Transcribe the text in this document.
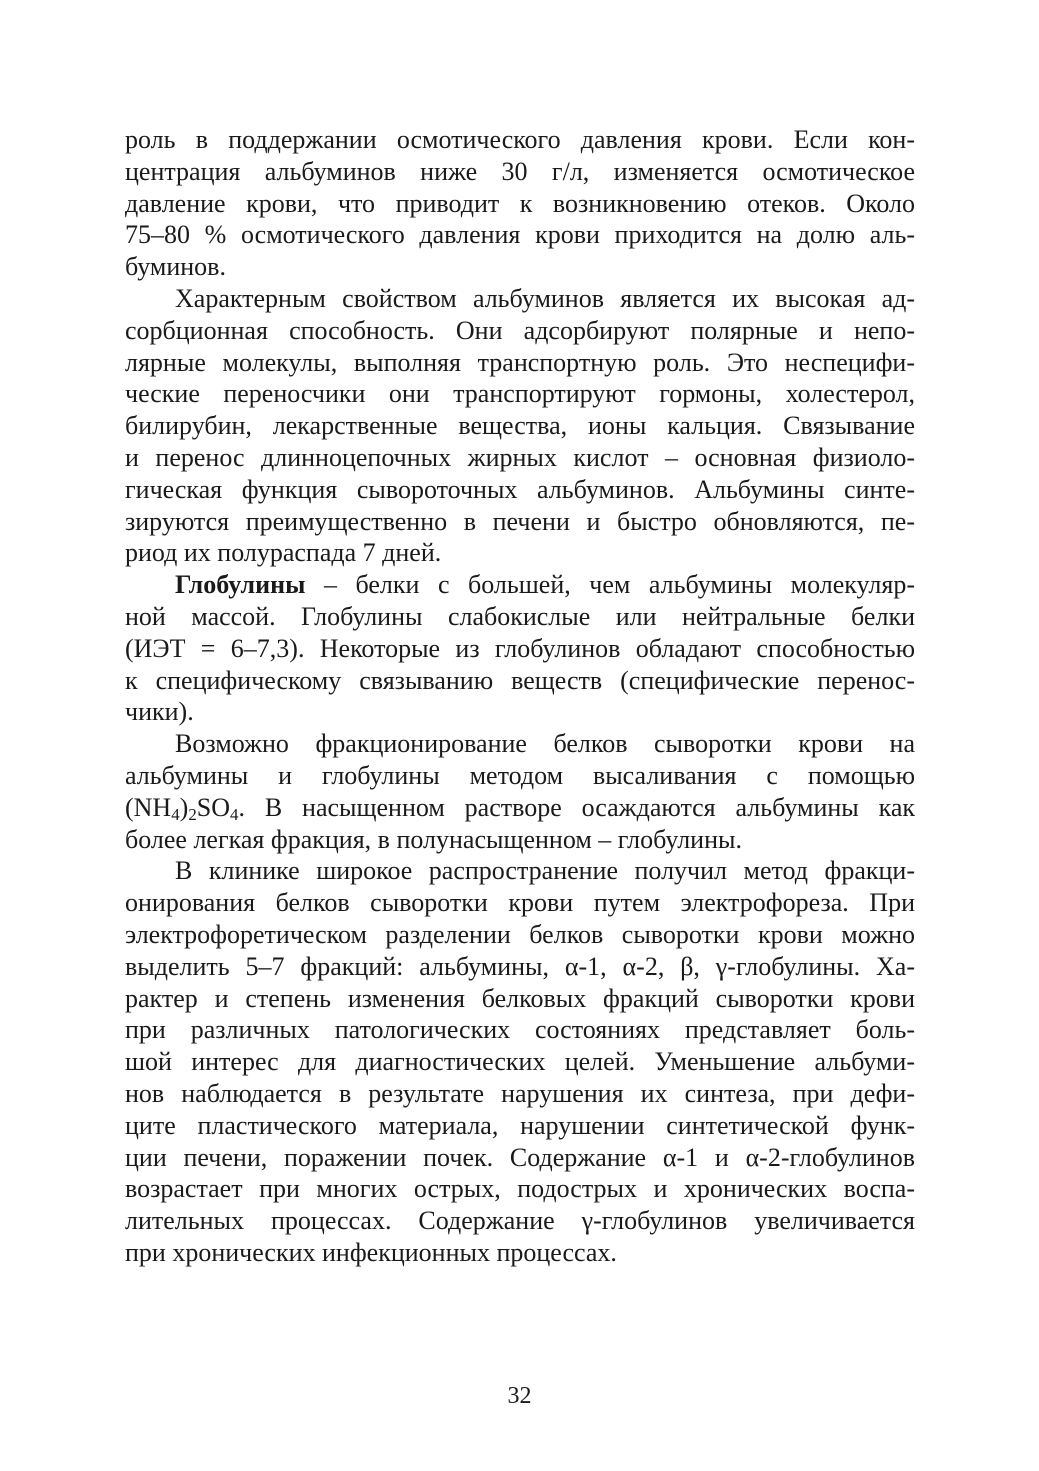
роль в поддержании осмотического давления крови. Если кон-
центрация альбуминов ниже 30 г/л, изменяется осмотическое
давление крови, что приводит к возникновению отеков. Около
75–80 % осмотического давления крови приходится на долю аль-
буминов.
Характерным свойством альбуминов является их высокая ад-
сорбционная способность. Они адсорбируют полярные и непо-
лярные молекулы, выполняя транспортную роль. Это неспецифи-
ческие переносчики они транспортируют гормоны, холестерол,
билирубин, лекарственные вещества, ионы кальция. Связывание
и перенос длинноцепочных жирных кислот – основная физиоло-
гическая функция сывороточных альбуминов. Альбумины синте-
зируются преимущественно в печени и быстро обновляются, пе-
риод их полураспада 7 дней.
Глобулины – белки с большей, чем альбумины молекуляр-
ной массой. Глобулины слабокислые или нейтральные белки
(ИЭТ = 6–7,3). Некоторые из глобулинов обладают способностью
к специфическому связыванию веществ (специфические перенос-
чики).
Возможно фракционирование белков сыворотки крови на
альбумины и глобулины методом высаливания с помощью
$(NH_4)_2SO_4$. В насыщенном растворе осаждаются альбумины как
более легкая фракция, в полунасыщенном – глобулины.
В клинике широкое распространение получил метод фракци-
онирования белков сыворотки крови путем электрофореза. При
электрофоретическом разделении белков сыворотки крови можно
выделить 5–7 фракций: альбумины, α-1, α-2, β, γ-глобулины. Ха-
рактер и степень изменения белковых фракций сыворотки крови
при различных патологических состояниях представляет боль-
шой интерес для диагностических целей. Уменьшение альбуми-
нов наблюдается в результате нарушения их синтеза, при дефи-
ците пластического материала, нарушении синтетической функ-
ции печени, поражении почек. Содержание α-1 и α-2-глобулинов
возрастает при многих острых, подострых и хронических воспа-
лительных процессах. Содержание γ-глобулинов увеличивается
при хронических инфекционных процессах.
32
